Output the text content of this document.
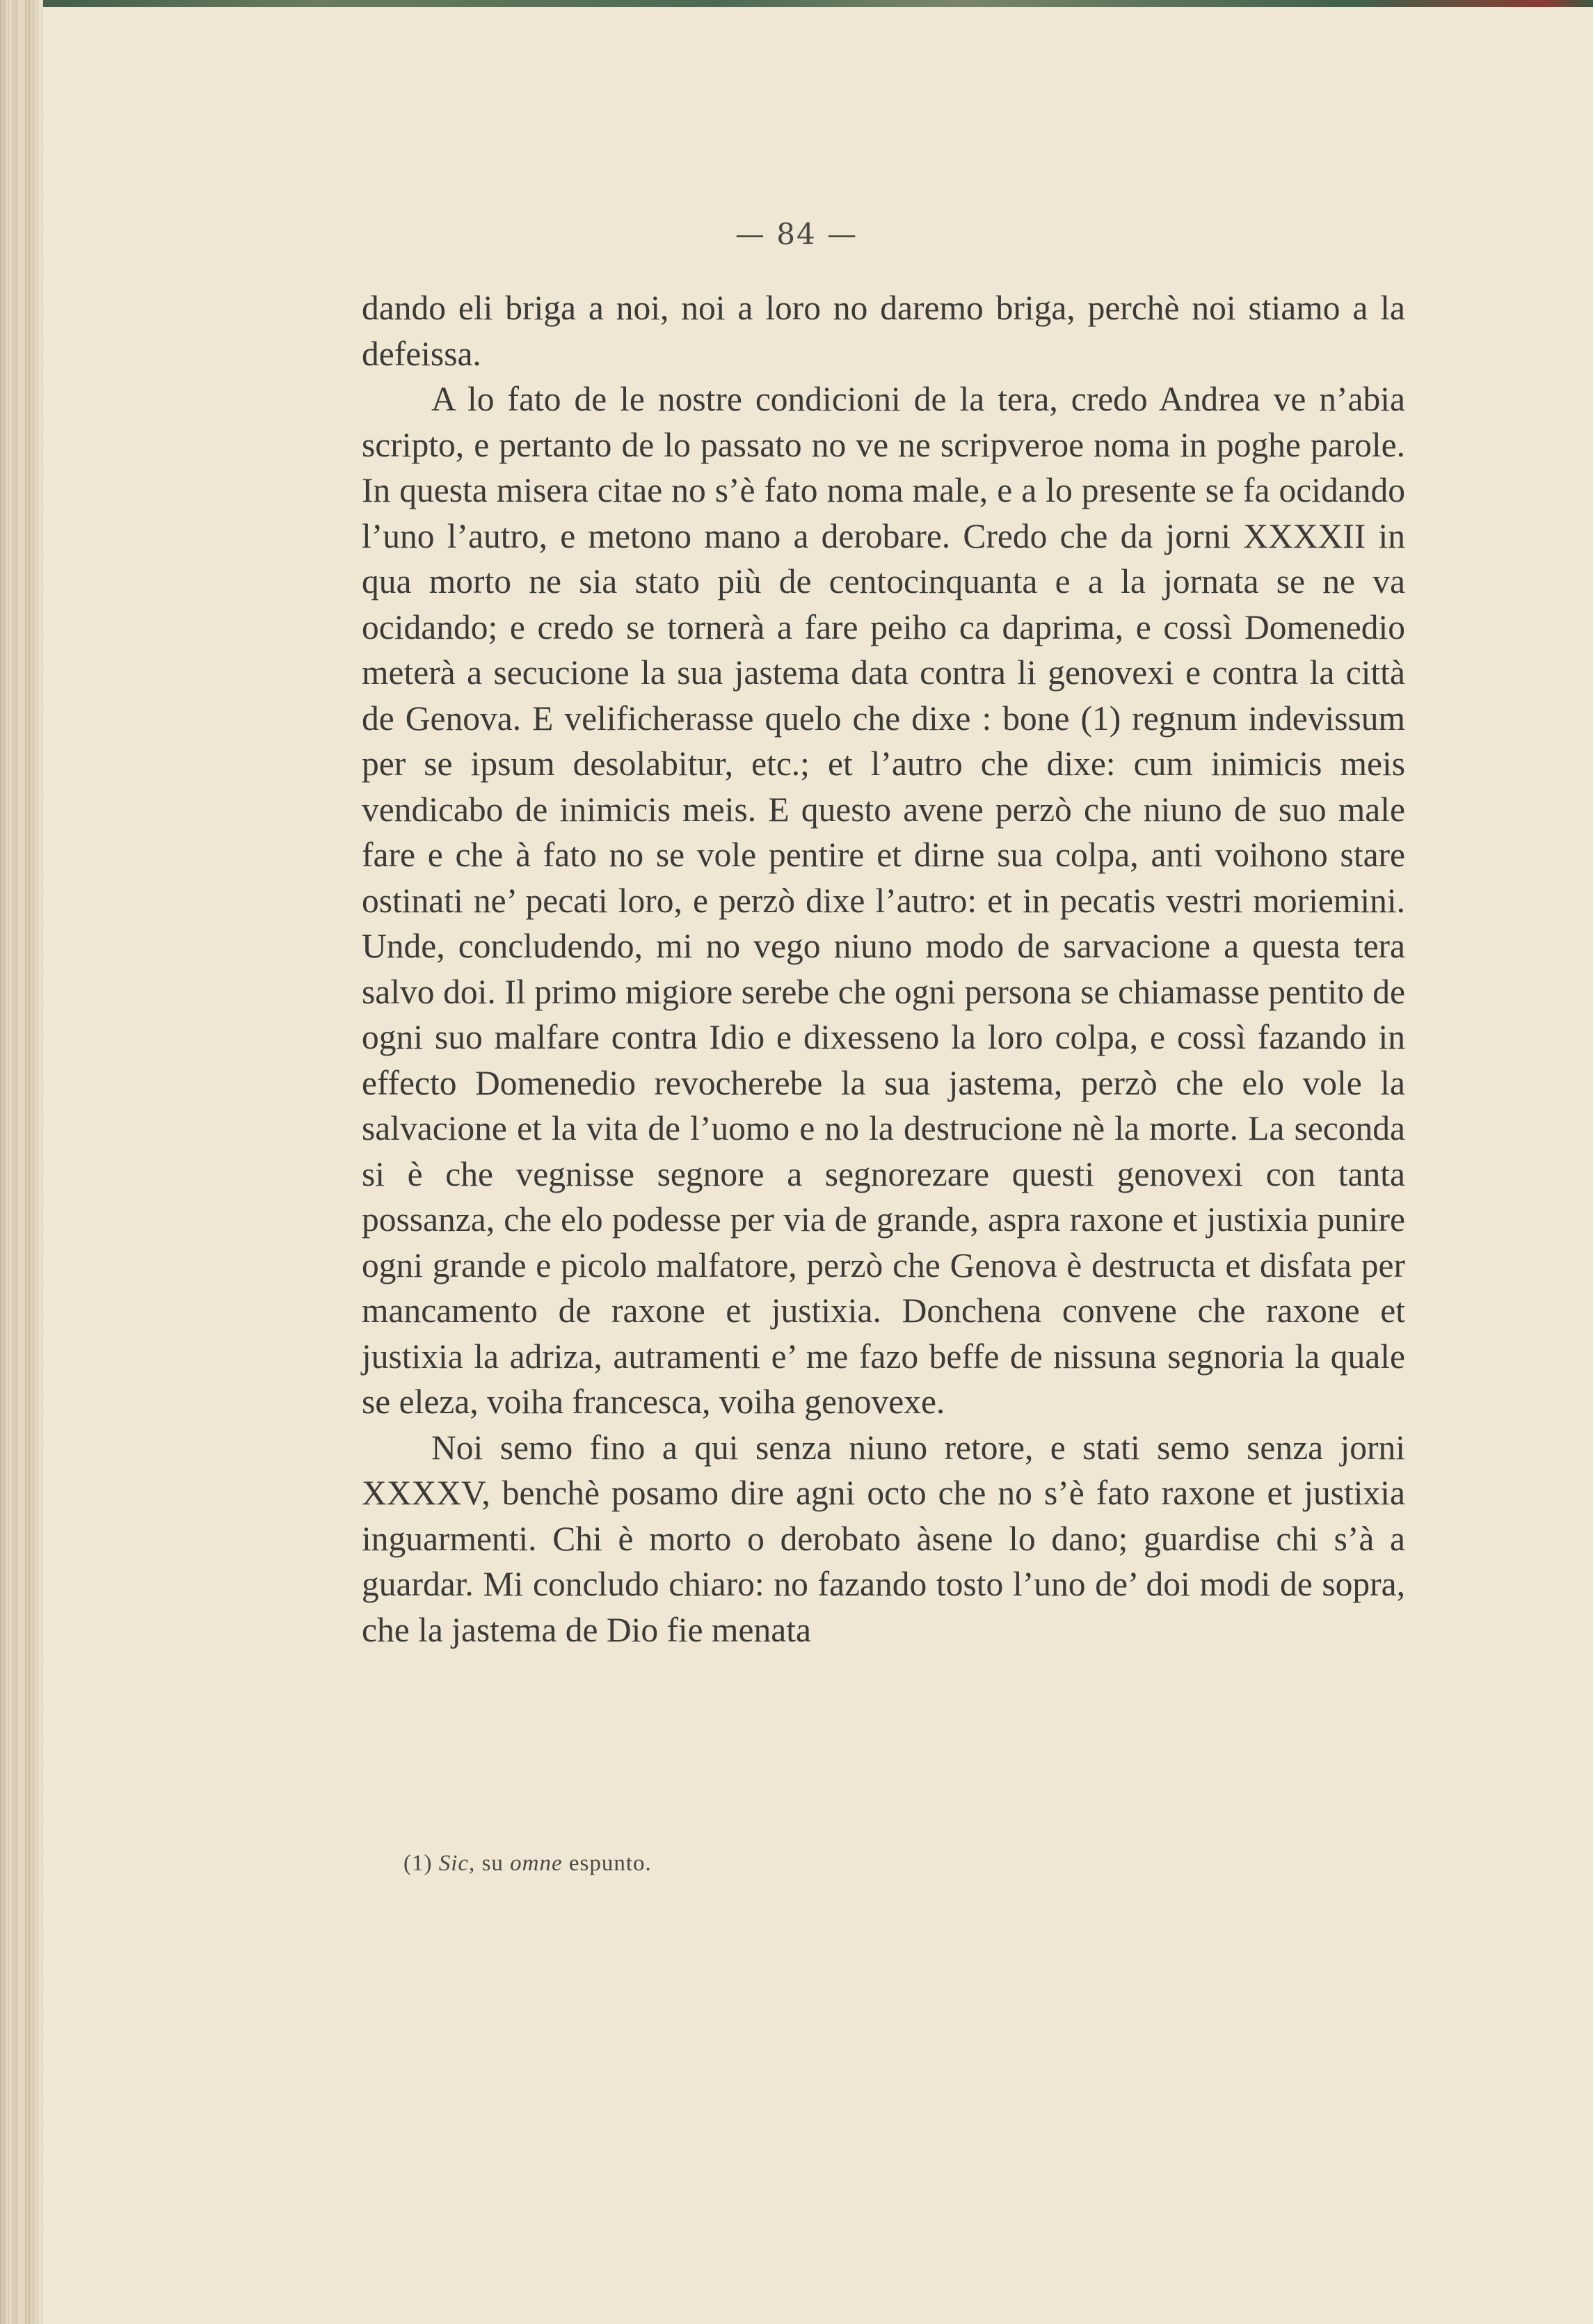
— 84 —

dando eli briga a noi, noi a loro no daremo briga, perchè noi stiamo a la defeissa.

A lo fato de le nostre condicioni de la tera, credo Andrea ve n’abia scripto, e pertanto de lo passato no ve ne scripveroe noma in poghe parole. In questa misera citae no s’è fato noma male, e a lo presente se fa ocidando l’uno l’autro, e metono mano a derobare. Credo che da jorni XXXXII in qua morto ne sia stato più de centocinquanta e a la jornata se ne va ocidando; e credo se tornerà a fare peiho ca daprima, e cossì Domenedio meterà a secucione la sua jastema data contra li genovexi e contra la città de Genova. E velificherasse quelo che dixe : bone (1) regnum indevissum per se ipsum desolabitur, etc.; et l’autro che dixe: cum inimicis meis vendicabo de inimicis meis. E questo avene perzò che niuno de suo male fare e che à fato no se vole pentire et dirne sua colpa, anti voihono stare ostinati ne’ pecati loro, e perzò dixe l’autro: et in pecatis vestri moriemini. Unde, concludendo, mi no vego niuno modo de sarvacione a questa tera salvo doi. Il primo migiore serebe che ogni persona se chiamasse pentito de ogni suo malfare contra Idio e dixesseno la loro colpa, e cossì fazando in effecto Domenedio revocherebe la sua jastema, perzò che elo vole la salvacione et la vita de l’uomo e no la destrucione nè la morte. La seconda si è che vegnisse segnore a segnorezare questi genovexi con tanta possanza, che elo podesse per via de grande, aspra raxone et justixia punire ogni grande e picolo malfatore, perzò che Genova è destructa et disfata per mancamento de raxone et justixia. Donchena convene che raxone et justixia la adriza, autramenti e’ me fazo beffe de nissuna segnoria la quale se eleza, voiha francesca, voiha genovexe.

Noi semo fino a qui senza niuno retore, e stati semo senza jorni XXXXV, benchè posamo dire agni octo che no s’è fato raxone et justixia inguarmenti. Chi è morto o derobato àsene lo dano; guardise chi s’à a guardar. Mi concludo chiaro: no fazando tosto l’uno de’ doi modi de sopra, che la jastema de Dio fie menata

(1) Sic, su omne espunto.
